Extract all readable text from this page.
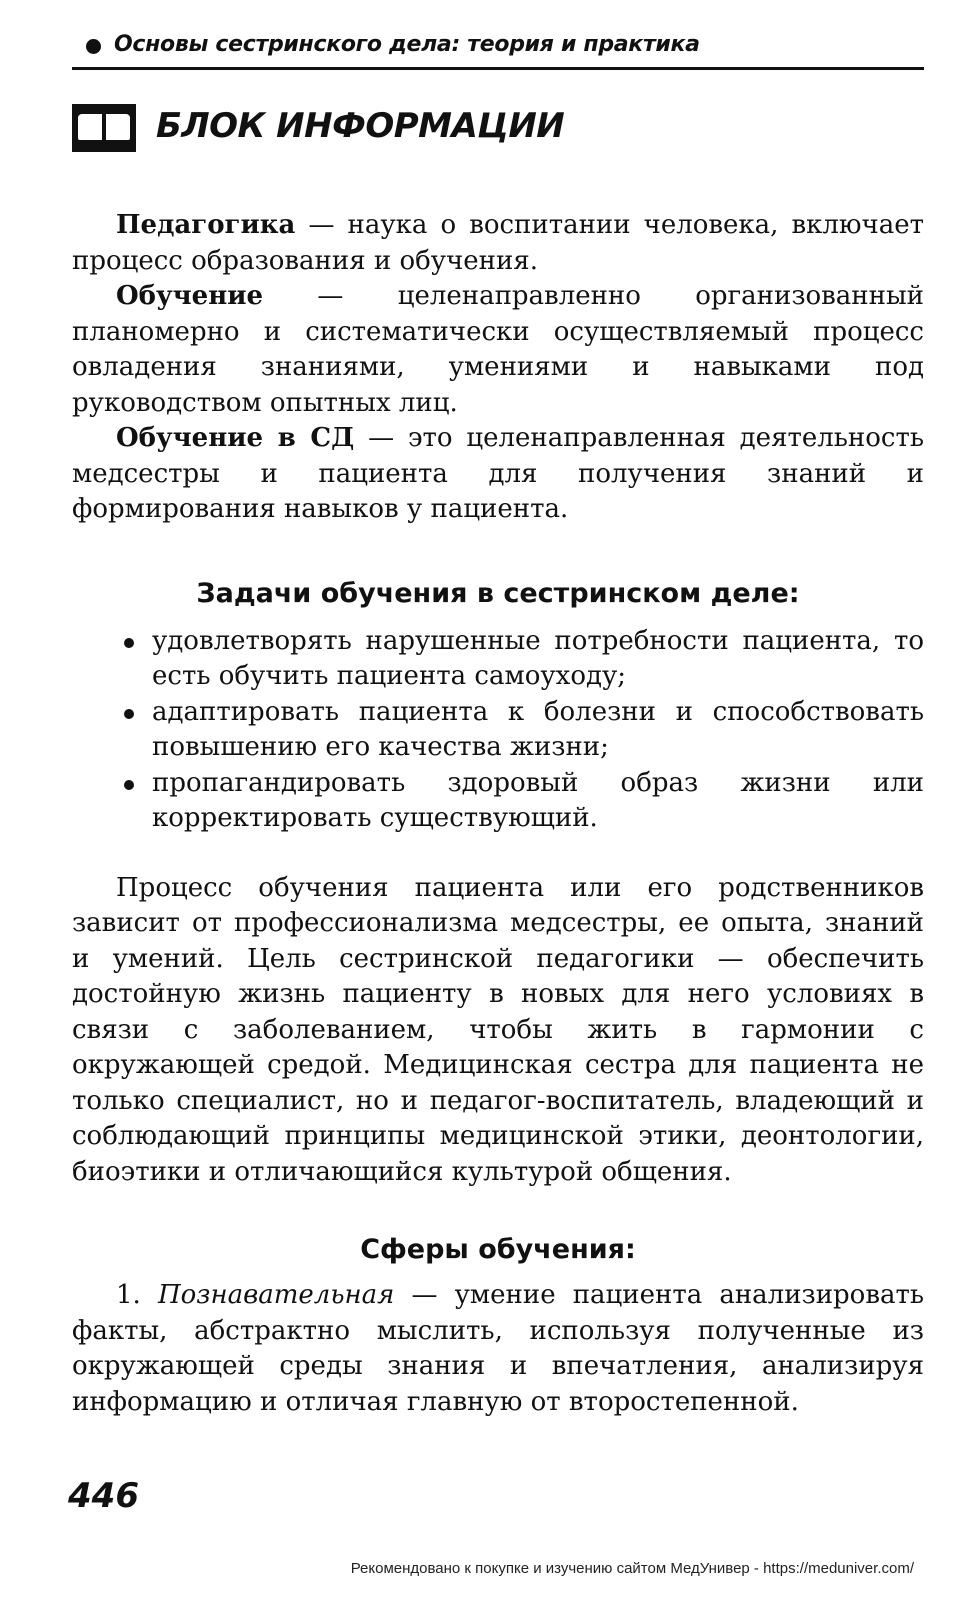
Основы сестринского дела: теория и практика
БЛОК ИНФОРМАЦИИ

Педагогика — наука о воспитании человека, включает процесс образования и обучения.

Обучение — целенаправленно организованный планомерно и систематически осуществляемый процесс овладения знаниями, умениями и навыками под руководством опытных лиц.

Обучение в СД — это целенаправленная деятельность медсестры и пациента для получения знаний и формирования навыков у пациента.

Задачи обучения в сестринском деле:
удовлетворять нарушенные потребности пациента, то есть обучить пациента самоуходу;
адаптировать пациента к болезни и способствовать повышению его качества жизни;
пропагандировать здоровый образ жизни или корректировать существующий.

Процесс обучения пациента или его родственников зависит от профессионализма медсестры, ее опыта, знаний и умений. Цель сестринской педагогики — обеспечить достойную жизнь пациенту в новых для него условиях в связи с заболеванием, чтобы жить в гармонии с окружающей средой. Медицинская сестра для пациента не только специалист, но и педагог-воспитатель, владеющий и соблюдающий принципы медицинской этики, деонтологии, биоэтики и отличающийся культурой общения.

Сферы обучения:

1. Познавательная — умение пациента анализировать факты, абстрактно мыслить, используя полученные из окружающей среды знания и впечатления, анализируя информацию и отличая главную от второстепенной.

446
Рекомендовано к покупке и изучению сайтом МедУнивер - https://meduniver.com/
